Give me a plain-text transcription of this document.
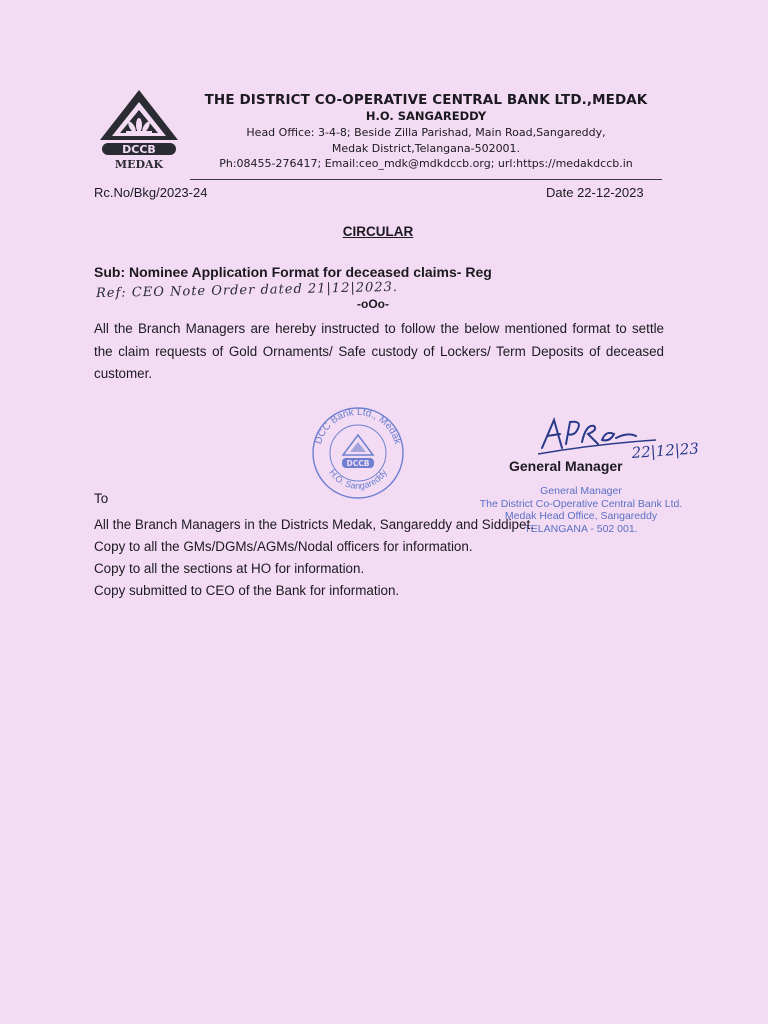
DCCB
MEDAK
THE DISTRICT CO-OPERATIVE CENTRAL BANK LTD.,MEDAK
H.O. SANGAREDDY
Head Office: 3-4-8; Beside Zilla Parishad, Main Road,Sangareddy,
Medak District,Telangana-502001.
Ph:08455-276417; Email:ceo_mdk@mdkdccb.org; url:https://medakdccb.in
Rc.No/Bkg/2023-24	Date 22-12-2023
CIRCULAR
Sub: Nominee Application Format for deceased claims- Reg
Ref: CEO Note Order dated 21|12|2023.
-oOo-
All the Branch Managers are hereby instructed to follow the below mentioned format to settle the claim requests of Gold Ornaments/ Safe custody of Lockers/ Term Deposits of deceased customer.
DCC Bank Ltd., Medak
H.O. Sangareddy
DCCB
22|12|23
General Manager
General Manager
The District Co-Operative Central Bank Ltd.
Medak Head Office, Sangareddy
TELANGANA - 502 001.
To
All the Branch Managers in the Districts Medak, Sangareddy and Siddipet.
Copy to all the GMs/DGMs/AGMs/Nodal officers for information.
Copy to all the sections at HO for information.
Copy submitted to CEO of the Bank for information.
